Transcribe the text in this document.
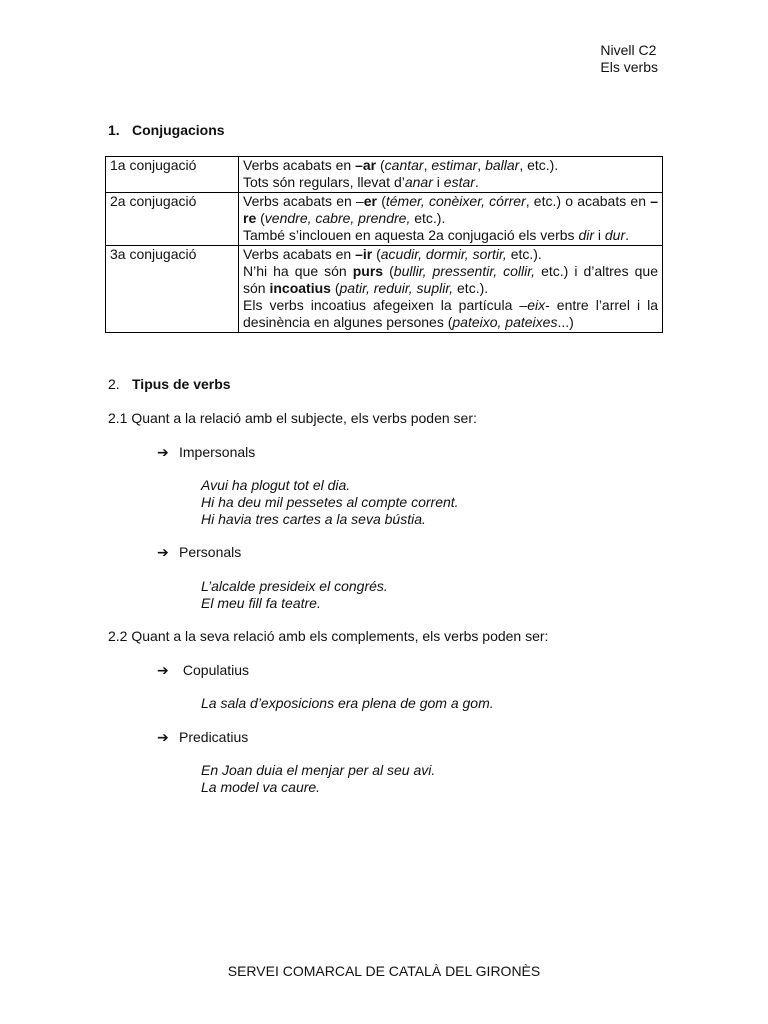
Nivell C2
Els verbs
1. Conjugacions
1a conjugació	Verbs acabats en –ar (cantar, estimar, ballar, etc.).
Tots són regulars, llevat d’anar i estar.

2a conjugació	Verbs acabats en –er (témer, conèixer, córrer, etc.) o acabats en –re (vendre, cabre, prendre, etc.).
També s’inclouen en aquesta 2a conjugació els verbs dir i dur.

3a conjugació	Verbs acabats en –ir (acudir, dormir, sortir, etc.).
N’hi ha que són purs (bullir, pressentir, collir, etc.) i d’altres que són incoatius (patir, reduir, suplir, etc.).
Els verbs incoatius afegeixen la partícula –eix- entre l’arrel i la desinència en algunes persones (pateixo, pateixes...)
2. Tipus de verbs
2.1 Quant a la relació amb el subjecte, els verbs poden ser:
➔ Impersonals
Avui ha plogut tot el dia.
Hi ha deu mil pessetes al compte corrent.
Hi havia tres cartes a la seva bústia.
➔ Personals
L’alcalde presideix el congrés.
El meu fill fa teatre.
2.2 Quant a la seva relació amb els complements, els verbs poden ser:
➔ Copulatius
La sala d’exposicions era plena de gom a gom.
➔ Predicatius
En Joan duia el menjar per al seu avi.
La model va caure.
SERVEI COMARCAL DE CATALÀ DEL GIRONÈS
